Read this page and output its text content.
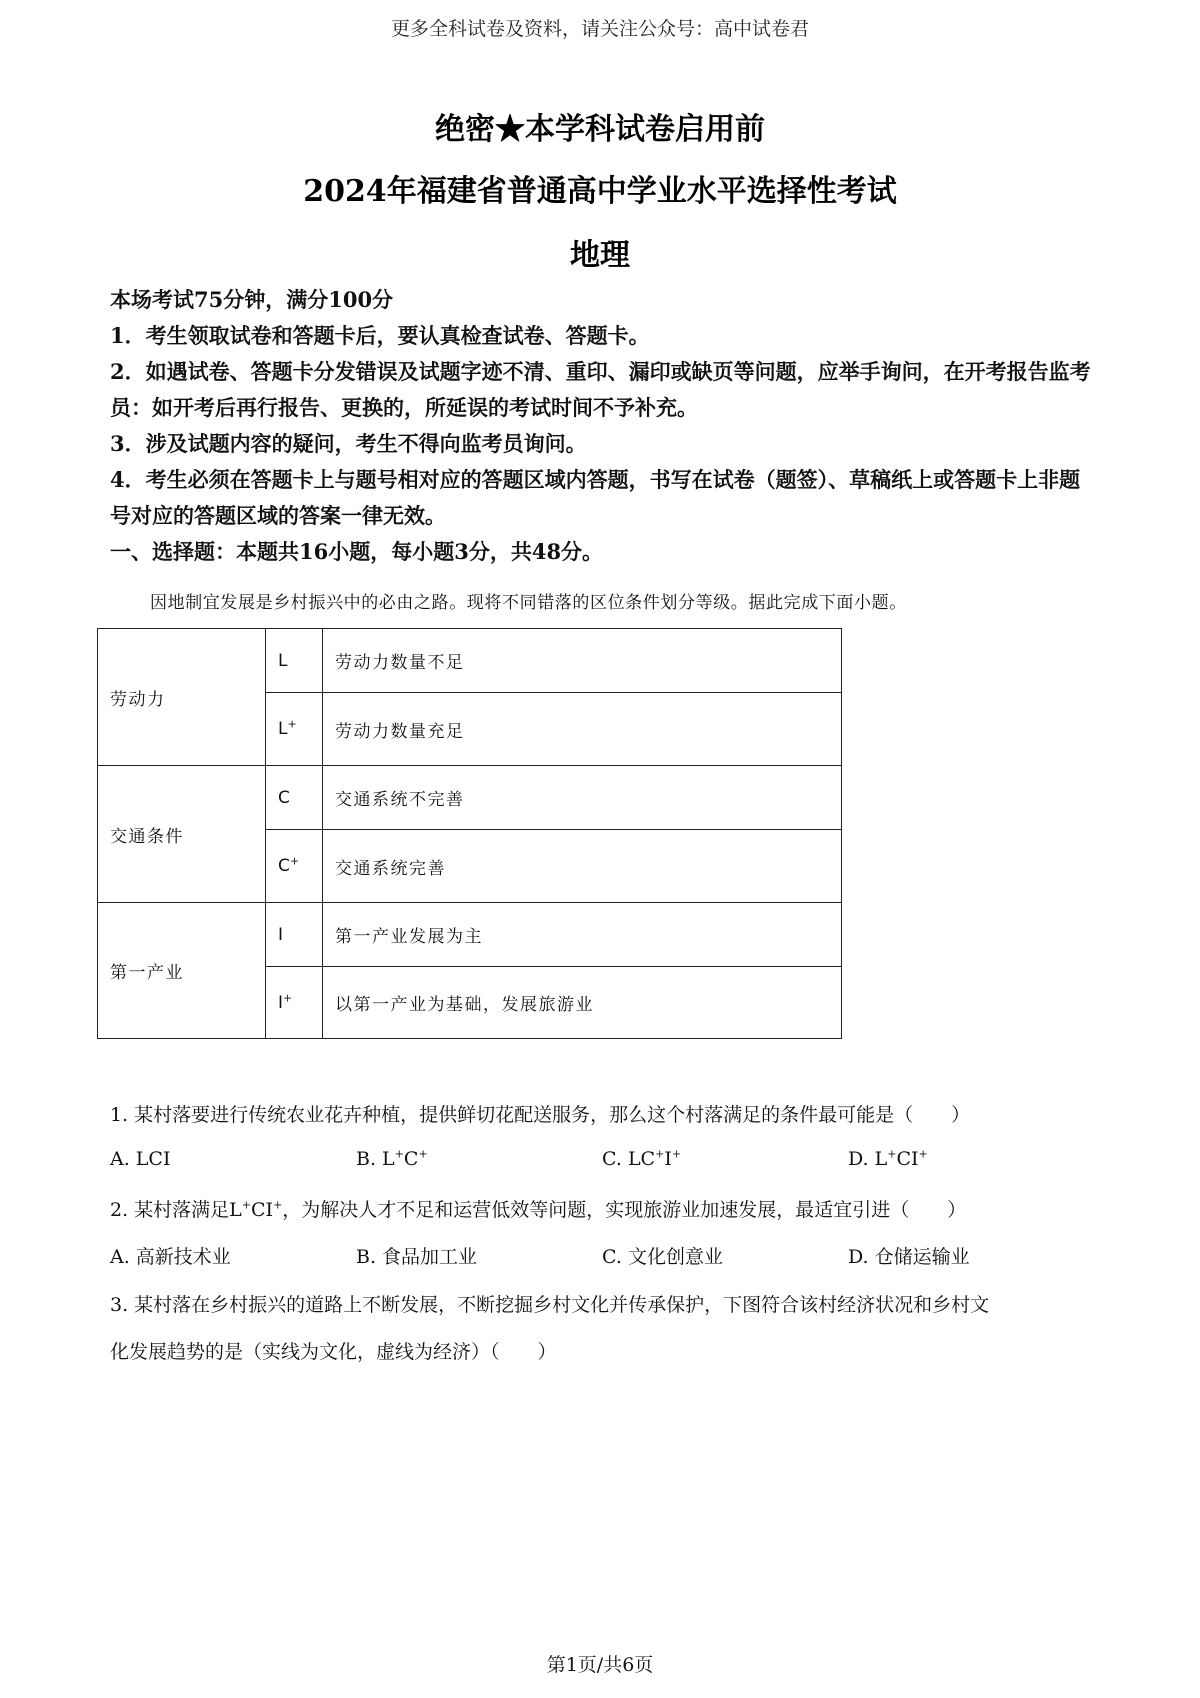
更多全科试卷及资料，请关注公众号：高中试卷君
绝密★本学科试卷启用前
2024年福建省普通高中学业水平选择性考试
地理
本场考试75分钟，满分100分
1．考生领取试卷和答题卡后，要认真检查试卷、答题卡。
2．如遇试卷、答题卡分发错误及试题字迹不清、重印、漏印或缺页等问题，应举手询问，在开考报告监考员：如开考后再行报告、更换的，所延误的考试时间不予补充。
3．涉及试题内容的疑问，考生不得向监考员询问。
4．考生必须在答题卡上与题号相对应的答题区域内答题，书写在试卷（题签）、草稿纸上或答题卡上非题号对应的答题区域的答案一律无效。
一、选择题：本题共16小题，每小题3分，共48分。
因地制宜发展是乡村振兴中的必由之路。现将不同错落的区位条件划分等级。据此完成下面小题。
劳动力	L	劳动力数量不足
	L+	劳动力数量充足
交通条件	C	交通系统不完善
	C+	交通系统完善
第一产业	I	第一产业发展为主
	I+	以第一产业为基础，发展旅游业
1. 某村落要进行传统农业花卉种植，提供鲜切花配送服务，那么这个村落满足的条件最可能是（　　）
A. LCI	B. L+C+	C. LC+I+	D. L+CI+
2. 某村落满足L+CI+，为解决人才不足和运营低效等问题，实现旅游业加速发展，最适宜引进（　　）
A. 高新技术业	B. 食品加工业	C. 文化创意业	D. 仓储运输业
3. 某村落在乡村振兴的道路上不断发展，不断挖掘乡村文化并传承保护，下图符合该村经济状况和乡村文
化发展趋势的是（实线为文化，虚线为经济）（　　）
第1页/共6页
